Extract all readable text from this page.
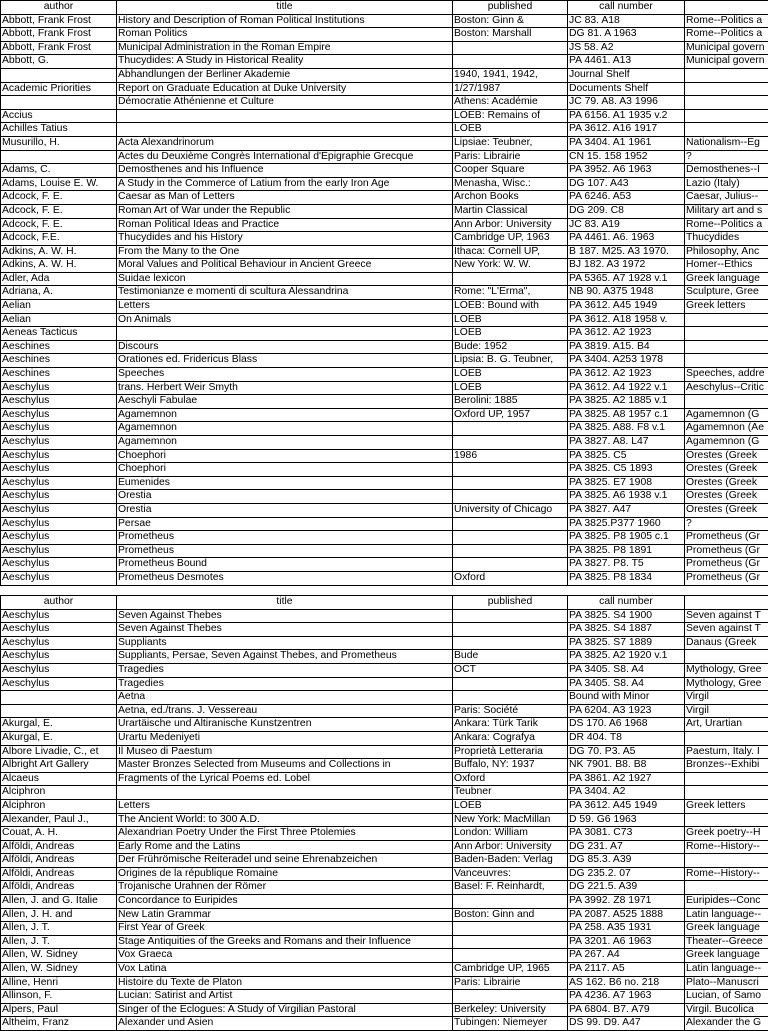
author	title	published	call number	
Abbott, Frank Frost	History and Description of Roman Political Institutions	Boston: Ginn &	JC 83. A18	Rome--Politics a
Abbott, Frank Frost	Roman Politics	Boston: Marshall	DG 81. A 1963	Rome--Politics a
Abbott, Frank Frost	Municipal Administration in the Roman Empire		JS 58. A2	Municipal govern
Abbott, G.	Thucydides: A Study in Historical Reality		PA 4461. A13	Municipal govern
	Abhandlungen der Berliner Akademie	1940, 1941, 1942,	Journal Shelf	
Academic Priorities	Report on Graduate Education at Duke University	1/27/1987	Documents Shelf	
	Démocratie Athénienne et Culture	Athens: Académie	JC 79. A8. A3 1996	
Accius		LOEB: Remains of	PA 6156. A1 1935 v.2	
Achilles Tatius		LOEB	PA 3612. A16 1917	
Musurillo, H.	Acta Alexandrinorum	Lipsiae: Teubner,	PA 3404. A1 1961	Nationalism--Eg
	Actes du Deuxième Congrès International d'Épigraphie Grecque	Paris: Librairie	CN 15. 158 1952	?
Adams, C.	Demosthenes and his Influence	Cooper Square	PA 3952. A6 1963	Demosthenes--I
Adams, Louise E. W.	A Study in the Commerce of Latium from the early Iron Age	Menasha, Wisc.:	DG 107. A43	Lazio (Italy)
Adcock, F. E.	Caesar as Man of Letters	Archon Books	PA 6246. A53	Caesar, Julius--
Adcock, F. E.	Roman Art of War under the Republic	Martin Classical	DG 209. C8	Military art and s
Adcock, F. E.	Roman Political Ideas and Practice	Ann Arbor: University	JC 83. A19	Rome--Politics a
Adcock, F.E.	Thucydides and his History	Cambridge UP, 1963	PA 4461. A6. 1963	Thucydides
Adkins, A. W. H.	From the Many to the One	Ithaca: Cornell UP,	B 187. M25. A3 1970.	Philosophy, Anc
Adkins, A. W. H.	Moral Values and Political Behaviour in Ancient Greece	New York: W. W.	BJ 182. A3 1972	Homer--Ethics
Adler, Ada	Suidae lexicon		PA 5365. A7 1928 v.1	Greek language
Adriana, A.	Testimonianze e momenti di scultura Alessandrina	Rome: "L'Erma",	NB 90. A375 1948	Sculpture, Gree
Aelian	Letters	LOEB: Bound with	PA 3612. A45 1949	Greek letters
Aelian	On Animals	LOEB	PA 3612. A18 1958 v.	
Aeneas Tacticus		LOEB	PA 3612. A2 1923	
Aeschines	Discours	Bude: 1952	PA 3819. A15. B4	
Aeschines	Orationes ed. Fridericus Blass	Lipsia: B. G. Teubner,	PA 3404. A253 1978	
Aeschines	Speeches	LOEB	PA 3612. A2 1923	Speeches, addre
Aeschylus	trans. Herbert Weir Smyth	LOEB	PA 3612. A4 1922 v.1	Aeschylus--Critic
Aeschylus	Aeschyli Fabulae	Berolini: 1885	PA 3825. A2 1885 v.1	
Aeschylus	Agamemnon	Oxford UP, 1957	PA 3825. A8 1957 c.1	Agamemnon (G
Aeschylus	Agamemnon		PA 3825. A88. F8 v.1	Agamemnon (Ae
Aeschylus	Agamemnon		PA 3827. A8. L47	Agamemnon (G
Aeschylus	Choephori	1986	PA 3825. C5	Orestes (Greek
Aeschylus	Choephori		PA 3825. C5 1893	Orestes (Greek
Aeschylus	Eumenides		PA 3825. E7 1908	Orestes (Greek
Aeschylus	Orestia		PA 3825. A6 1938 v.1	Orestes (Greek
Aeschylus	Orestia	University of Chicago	PA 3827. A47	Orestes (Greek
Aeschylus	Persae		PA 3825.P377 1960	?
Aeschylus	Prometheus		PA 3825. P8 1905 c.1	Prometheus (Gr
Aeschylus	Prometheus		PA 3825. P8 1891	Prometheus (Gr
Aeschylus	Prometheus Bound		PA 3827. P8. T5	Prometheus (Gr
Aeschylus	Prometheus Desmotes	Oxford	PA 3825. P8 1834	Prometheus (Gr
author	title	published	call number	
Aeschylus	Seven Against Thebes		PA 3825. S4 1900	Seven against T
Aeschylus	Seven Against Thebes		PA 3825. S4 1887	Seven against T
Aeschylus	Suppliants		PA 3825. S7 1889	Danaus (Greek
Aeschylus	Suppliants, Persae, Seven Against Thebes, and Prometheus	Bude	PA 3825. A2 1920 v.1	
Aeschylus	Tragedies	OCT	PA 3405. S8. A4	Mythology, Gree
Aeschylus	Tragedies		PA 3405. S8. A4	Mythology, Gree
	Aetna		Bound with Minor	Virgil
	Aetna, ed./trans. J. Vessereau	Paris: Société	PA 6204. A3 1923	Virgil
Akurgal, E.	Urartäische und Altiranische Kunstzentren	Ankara: Türk Tarik	DS 170. A6 1968	Art, Urartian
Akurgal, E.	Urartu Medeniyeti	Ankara: Cografya	DR 404. T8	
Albore Livadie, C., et	Il Museo di Paestum	Proprietà Letteraria	DG 70. P3. A5	Paestum, Italy. I
Albright Art Gallery	Master Bronzes Selected from Museums and Collections in	Buffalo, NY: 1937	NK 7901. B8. B8	Bronzes--Exhibi
Alcaeus	Fragments of the Lyrical Poems ed. Lobel	Oxford	PA 3861. A2 1927	
Alciphron		Teubner	PA 3404. A2	
Alciphron	Letters	LOEB	PA 3612. A45 1949	Greek letters
Alexander, Paul J.,	The Ancient World: to 300 A.D.	New York: MacMillan	D 59. G6 1963	
Couat, A. H.	Alexandrian Poetry Under the First Three Ptolemies	London: William	PA 3081. C73	Greek poetry--H
Alföldi, Andreas	Early Rome and the Latins	Ann Arbor: University	DG 231. A7	Rome--History--
Alföldi, Andreas	Der Frührömische Reiteradel und seine Ehrenabzeichen	Baden-Baden: Verlag	DG 85.3. A39	
Alföldi, Andreas	Origines de la république Romaine	Vanceuvres:	DG 235.2. 07	Rome--History--
Alföldi, Andreas	Trojanische Urahnen der Römer	Basel: F. Reinhardt,	DG 221.5. A39	
Allen, J. and G. Italie	Concordance to Euripides		PA 3992. Z8 1971	Euripides--Conc
Allen, J. H. and	New Latin Grammar	Boston: Ginn and	PA 2087. A525 1888	Latin language--
Allen, J. T.	First Year of Greek		PA 258. A35 1931	Greek language
Allen, J. T.	Stage Antiquities of the Greeks and Romans and their Influence		PA 3201. A6 1963	Theater--Greece
Allen, W. Sidney	Vox Graeca		PA 267. A4	Greek language
Allen, W. Sidney	Vox Latina	Cambridge UP, 1965	PA 2117. A5	Latin language--
Alline, Henri	Histoire du Texte de Platon	Paris: Librairie	AS 162. B6 no. 218	Plato--Manuscri
Allinson, F.	Lucian: Satirist and Artist		PA 4236. A7 1963	Lucian, of Samo
Alpers, Paul	Singer of the Eclogues: A Study of Virgilian Pastoral	Berkeley: University	PA 6804. B7. A79	Virgil. Bucolica
Altheim, Franz	Alexander und Asien	Tubingen: Niemeyer	DS 99. D9. A47	Alexander the G
